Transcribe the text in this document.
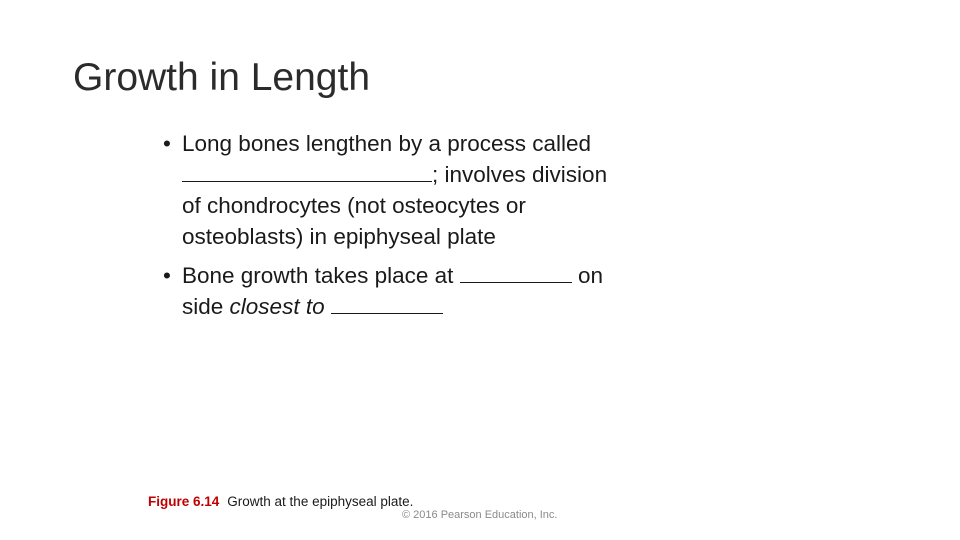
Growth in Length
• Long bones lengthen by a process called
; involves division
of chondrocytes (not osteocytes or
osteoblasts) in epiphyseal plate
• Bone growth takes place at	on
side closest to
Figure 6.14 Growth at the epiphyseal plate.
© 2016 Pearson Education, Inc.
